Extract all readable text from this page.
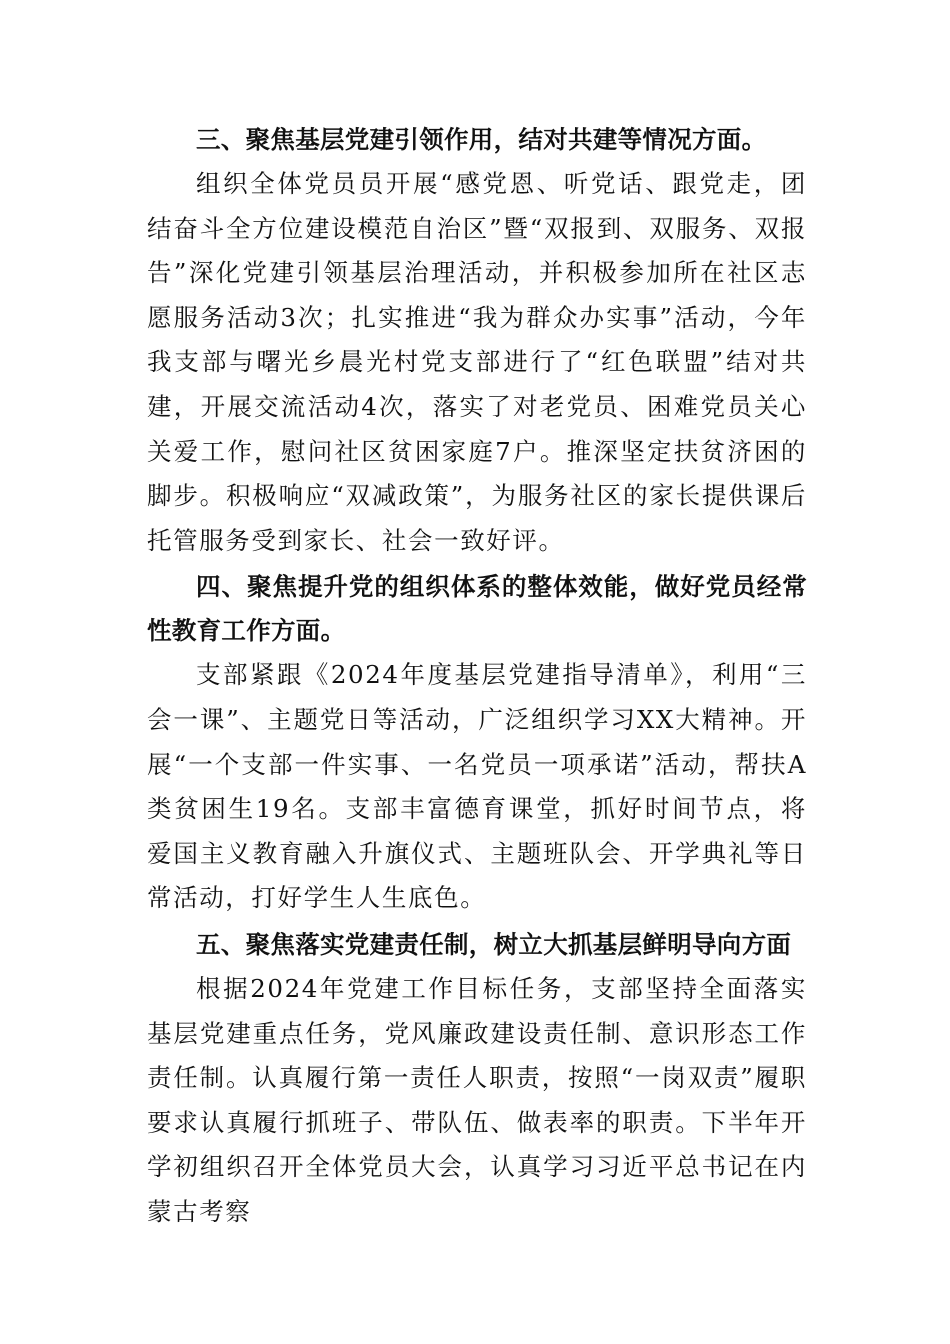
三、聚焦基层党建引领作用，结对共建等情况方面。

组织全体党员员开展“感党恩、听党话、跟党走，团结奋斗全方位建设模范自治区”暨“双报到、双服务、双报告”深化党建引领基层治理活动，并积极参加所在社区志愿服务活动3次；扎实推进“我为群众办实事”活动，今年我支部与曙光乡晨光村党支部进行了“红色联盟”结对共建，开展交流活动4次，落实了对老党员、困难党员关心关爱工作，慰问社区贫困家庭7户。推深坚定扶贫济困的脚步。积极响应“双减政策”，为服务社区的家长提供课后托管服务受到家长、社会一致好评。

四、聚焦提升党的组织体系的整体效能，做好党员经常性教育工作方面。

支部紧跟《2024年度基层党建指导清单》，利用“三会一课”、主题党日等活动，广泛组织学习XX大精神。开展“一个支部一件实事、一名党员一项承诺”活动，帮扶A类贫困生19名。支部丰富德育课堂，抓好时间节点，将爱国主义教育融入升旗仪式、主题班队会、开学典礼等日常活动，打好学生人生底色。

五、聚焦落实党建责任制，树立大抓基层鲜明导向方面

根据2024年党建工作目标任务，支部坚持全面落实基层党建重点任务，党风廉政建设责任制、意识形态工作责任制。认真履行第一责任人职责，按照“一岗双责”履职要求认真履行抓班子、带队伍、做表率的职责。下半年开学初组织召开全体党员大会，认真学习习近平总书记在内蒙古考察
